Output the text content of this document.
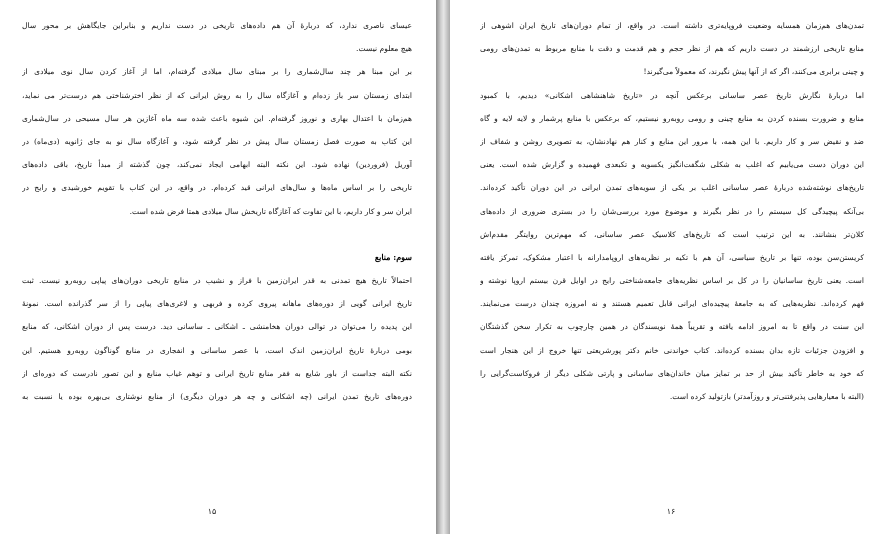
عیسای ناصری ندارد، که دربارهٔ آن هم داده‌های تاریخی در دست نداریم و بنابراین جایگاهش بر محور سال
هیچ معلوم نیست.
بر این مبنا هر چند سال‌شماری را بر مبنای سال میلادی گرفته‌ام، اما از آغاز کردن سال نوی میلادی از
ابتدای زمستان سر باز زده‌ام و آغازگاه سال را به روش ایرانی که از نظر اخترشناختی هم درست‌تر می نماید،
هم‌زمان با اعتدال بهاری و نوروز گرفته‌ام. این شیوه باعث شده سه ماه آغازین هر سال مسیحی در سال‌شماری
این کتاب به صورت فصل زمستان سال پیش در نظر گرفته شود، و آغازگاه سال نو به جای ژانویه (دی‌ماه) در
آوریل (فروردین) نهاده شود. این نکته البته ابهامی ایجاد نمی‌کند، چون گذشته از مبدأ تاریخ، باقی داده‌های
تاریخی را بر اساس ماه‌ها و سال‌های ایرانی قید کرده‌ام. در واقع، در این کتاب با تقویم خورشیدی و رایج در
ایران سر و کار داریم، با این تفاوت که آغازگاه تاریخش سال میلادی همتا فرض شده است.
سوم: منابع
احتمالاً تاریخ هیچ تمدنی به قدر ایران‌زمین با فراز و نشیب در منابع تاریخی دوران‌های پیاپی روبه‌رو نیست. ثبت
تاریخ ایرانی گویی از دوره‌های ماهانه پیروی کرده و فربهی و لاغری‌های پیاپی را از سر گذرانده است. نمونهٔ
این پدیده را می‌توان در توالی دوران هخامنشی ـ اشکانی ـ ساسانی دید. درست پس از دوران اشکانی، که منابع
بومی دربارهٔ تاریخ ایران‌زمین اندک است، با عصر ساسانی و انفجاری در منابع گوناگون روبه‌رو هستیم. این
نکته البته جداست از باور شایع به فقر منابع تاریخ ایرانی و توهم غیاب منابع و این تصور نادرست که دوره‌ای از
دوره‌های تاریخ تمدن ایرانی (چه اشکانی و چه هر دوران دیگری) از منابع نوشتاری بی‌بهره بوده یا نسبت به
۱۵
تمدن‌های هم‌زمان همسایه وضعیت فروپایه‌تری داشته است. در واقع، از تمام دوران‌های تاریخ ایران اشوهی از
منابع تاریخی ارزشمند در دست داریم که هم از نظر حجم و هم قدمت و دقت با منابع مربوط به تمدن‌های رومی
و چینی برابری می‌کنند، اگر که از آنها پیش نگیرند، که معمولاً می‌گیرند!
اما دربارهٔ نگارش تاریخ عصر ساسانی برعکس آنچه در «تاریخ شاهنشاهی اشکانی» دیدیم، با کمبود
منابع و ضرورت بسنده کردن به منابع چینی و رومی روبه‌رو نیستیم، که برعکس با منابع پرشمار و لایه لایه و گاه
ضد و نقیض سر و کار داریم. با این همه، با مرور این منابع و کنار هم نهادنشان، به تصویری روشن و شفاف از
این دوران دست می‌یابیم که اغلب به شکلی شگفت‌انگیز یکسویه و تکبعدی فهمیده و گزارش شده است. یعنی
تاریخ‌های نوشته‌شده دربارهٔ عصر ساسانی اغلب بر یکی از سویه‌های تمدن ایرانی در این دوران تأکید کرده‌اند.
بی‌آنکه پیچیدگی کل سیستم را در نظر بگیرند و موضوع مورد بررسی‌شان را در بستری ضروری از داده‌های
کلان‌تر بنشانند. به این ترتیب است که تاریخ‌های کلاسیک عصر ساسانی، که مهم‌ترین روایتگر مقدم‌اش
کریستن‌سن بوده، تنها بر تاریخ سیاسی، آن هم با تکیه بر نظریه‌های اروپامدارانه با اعتبار مشکوک، تمرکز یافته
است. یعنی تاریخ ساسانیان را در کل بر اساس نظریه‌های جامعه‌شناختی رایج در اوایل قرن بیستم اروپا نوشته و
فهم کرده‌اند. نظریه‌هایی که به جامعهٔ پیچیده‌ای ایرانی قابل تعمیم هستند و نه امروزه چندان درست می‌نمایند.
این سنت در واقع تا به امروز ادامه یافته و تقریباً همهٔ نویسندگان در همین چارچوب به تکرار سخن گذشتگان
و افزودن جزئیات تازه بدان بسنده کرده‌اند. کتاب خواندنی خانم دکتر پورشریعتی تنها خروج از این هنجار است
که خود به خاطر تأکید بیش از حد بر تمایز میان خاندان‌های ساسانی و پارتی شکلی دیگر از فروکاست‌گرایی را
(البته با معیارهایی پذیرفتنی‌تر و روزآمدتر) بازتولید کرده است.
۱۶
